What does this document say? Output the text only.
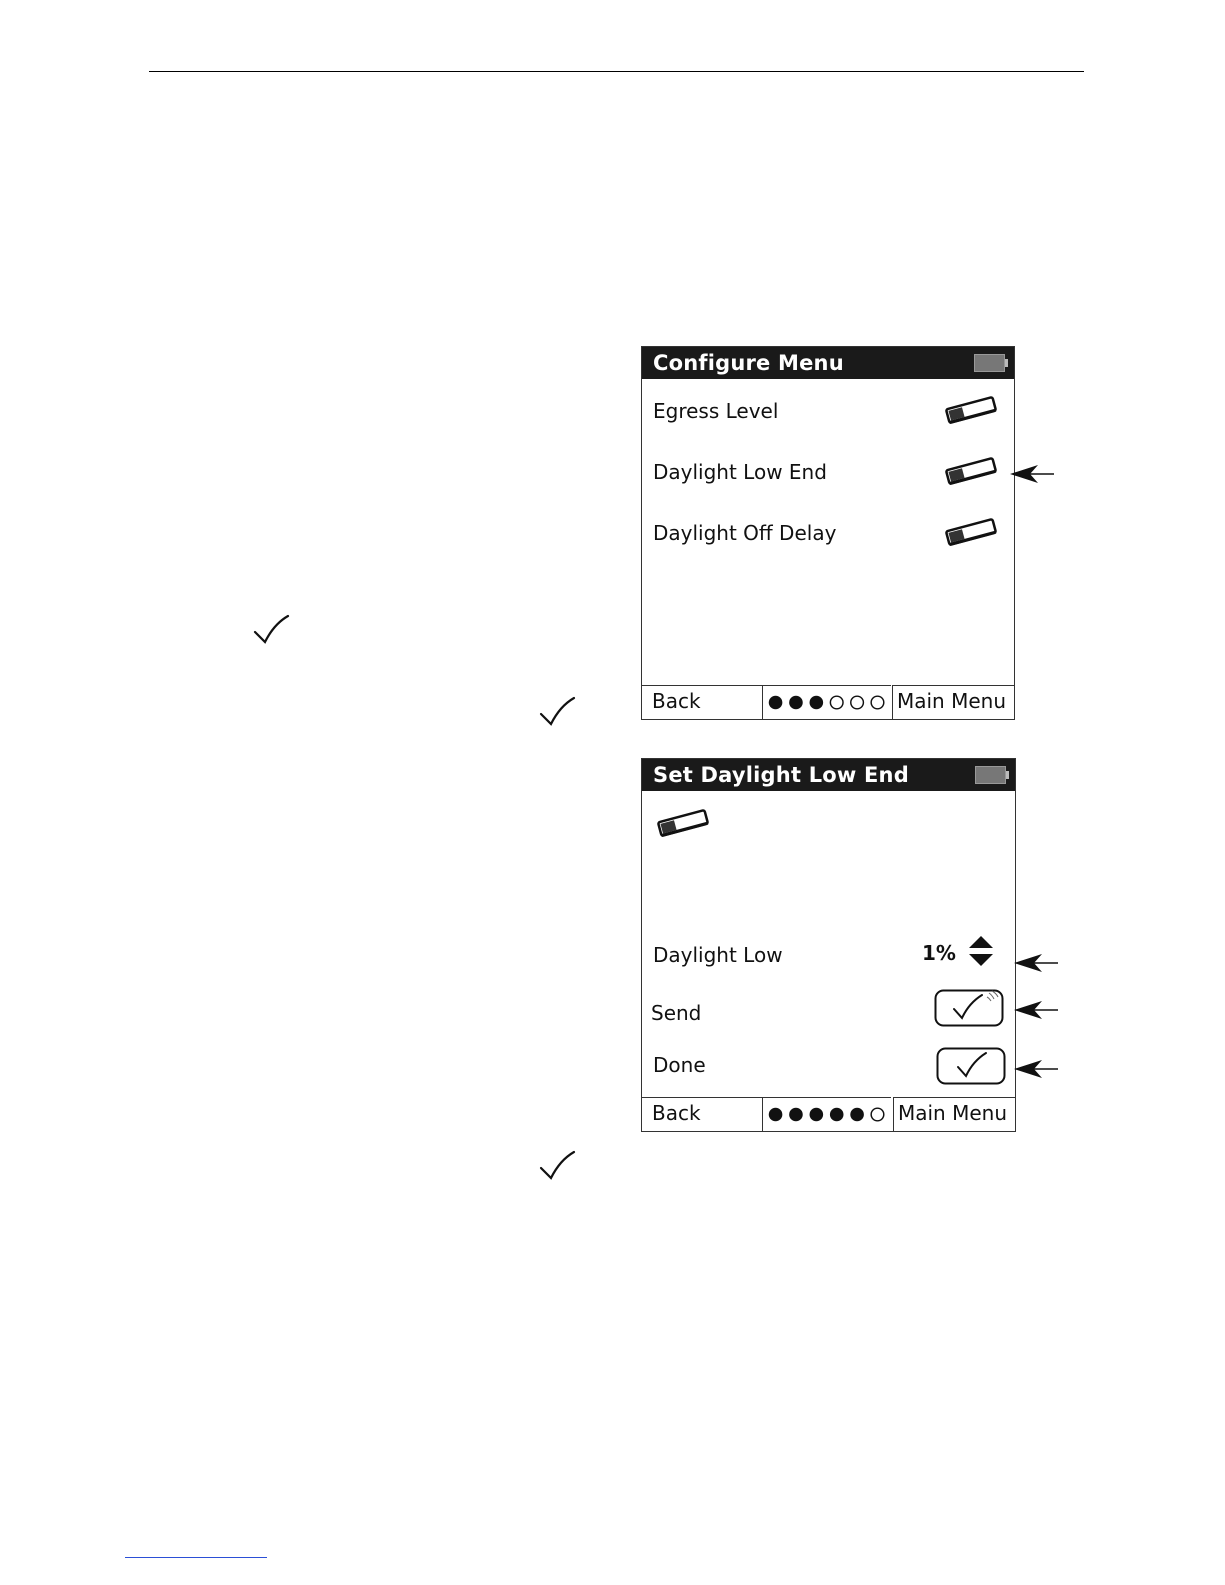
Configure Menu
Egress Level
Daylight Low End
Daylight Off Delay
Back	Main Menu
Set Daylight Low End
Daylight Low	1%
Send
Done
Back	Main Menu
